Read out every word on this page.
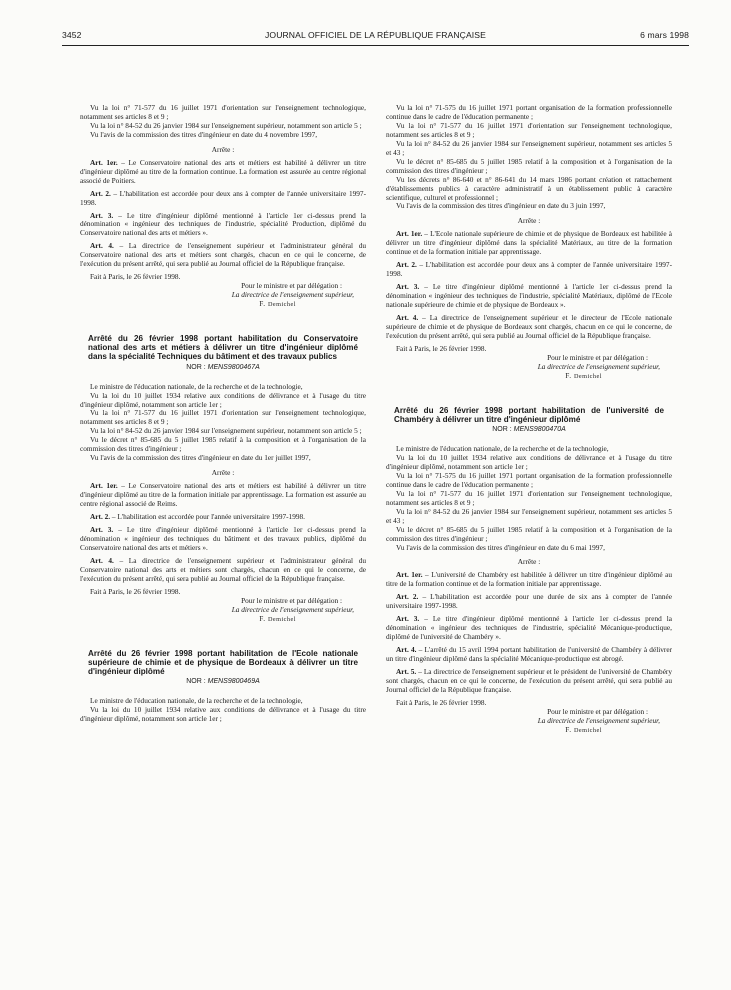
3452	JOURNAL OFFICIEL DE LA RÉPUBLIQUE FRANÇAISE	6 mars 1998

Vu la loi n° 71-577 du 16 juillet 1971 d'orientation sur l'enseignement technologique, notamment ses articles 8 et 9 ;

Vu la loi n° 84-52 du 26 janvier 1984 sur l'enseignement supérieur, notamment son article 5 ;

Vu l'avis de la commission des titres d'ingénieur en date du 4 novembre 1997,

Arrête :

Art. 1er. – Le Conservatoire national des arts et métiers est habilité à délivrer un titre d'ingénieur diplômé au titre de la formation continue. La formation est assurée au centre régional associé de Poitiers.

Art. 2. – L'habilitation est accordée pour deux ans à compter de l'année universitaire 1997-1998.

Art. 3. – Le titre d'ingénieur diplômé mentionné à l'article 1er ci-dessus prend la dénomination « ingénieur des techniques de l'industrie, spécialité Production, diplômé du Conservatoire national des arts et métiers ».

Art. 4. – La directrice de l'enseignement supérieur et l'administrateur général du Conservatoire national des arts et métiers sont chargés, chacun en ce qui le concerne, de l'exécution du présent arrêté, qui sera publié au Journal officiel de la République française.

Fait à Paris, le 26 février 1998.

Pour le ministre et par délégation :

La directrice de l'enseignement supérieur,

F. Demichel

Arrêté du 26 février 1998 portant habilitation du Conservatoire national des arts et métiers à délivrer un titre d'ingénieur diplômé dans la spécialité Techniques du bâtiment et des travaux publics
NOR : MENS9800467A

Le ministre de l'éducation nationale, de la recherche et de la technologie,

Vu la loi du 10 juillet 1934 relative aux conditions de délivrance et à l'usage du titre d'ingénieur diplômé, notamment son article 1er ;

Vu la loi n° 71-577 du 16 juillet 1971 d'orientation sur l'enseignement technologique, notamment ses articles 8 et 9 ;

Vu la loi n° 84-52 du 26 janvier 1984 sur l'enseignement supérieur, notamment son article 5 ;

Vu le décret n° 85-685 du 5 juillet 1985 relatif à la composition et à l'organisation de la commission des titres d'ingénieur ;

Vu l'avis de la commission des titres d'ingénieur en date du 1er juillet 1997,

Arrête :

Art. 1er. – Le Conservatoire national des arts et métiers est habilité à délivrer un titre d'ingénieur diplômé au titre de la formation initiale par apprentissage. La formation est assurée au centre régional associé de Reims.

Art. 2. – L'habilitation est accordée pour l'année universitaire 1997-1998.

Art. 3. – Le titre d'ingénieur diplômé mentionné à l'article 1er ci-dessus prend la dénomination « ingénieur des techniques du bâtiment et des travaux publics, diplômé du Conservatoire national des arts et métiers ».

Art. 4. – La directrice de l'enseignement supérieur et l'administrateur général du Conservatoire national des arts et métiers sont chargés, chacun en ce qui le concerne, de l'exécution du présent arrêté, qui sera publié au Journal officiel de la République française.

Fait à Paris, le 26 février 1998.

Pour le ministre et par délégation :

La directrice de l'enseignement supérieur,

F. Demichel

Arrêté du 26 février 1998 portant habilitation de l'Ecole nationale supérieure de chimie et de physique de Bordeaux à délivrer un titre d'ingénieur diplômé
NOR : MENS9800469A

Le ministre de l'éducation nationale, de la recherche et de la technologie,

Vu la loi du 10 juillet 1934 relative aux conditions de délivrance et à l'usage du titre d'ingénieur diplômé, notamment son article 1er ;

Vu la loi n° 71-575 du 16 juillet 1971 portant organisation de la formation professionnelle continue dans le cadre de l'éducation permanente ;

Vu la loi n° 71-577 du 16 juillet 1971 d'orientation sur l'enseignement technologique, notamment ses articles 8 et 9 ;

Vu la loi n° 84-52 du 26 janvier 1984 sur l'enseignement supérieur, notamment ses articles 5 et 43 ;

Vu le décret n° 85-685 du 5 juillet 1985 relatif à la composition et à l'organisation de la commission des titres d'ingénieur ;

Vu les décrets n° 86-640 et n° 86-641 du 14 mars 1986 portant création et rattachement d'établissements publics à caractère administratif à un établissement public à caractère scientifique, culturel et professionnel ;

Vu l'avis de la commission des titres d'ingénieur en date du 3 juin 1997,

Arrête :

Art. 1er. – L'Ecole nationale supérieure de chimie et de physique de Bordeaux est habilitée à délivrer un titre d'ingénieur diplômé dans la spécialité Matériaux, au titre de la formation continue et de la formation initiale par apprentissage.

Art. 2. – L'habilitation est accordée pour deux ans à compter de l'année universitaire 1997-1998.

Art. 3. – Le titre d'ingénieur diplômé mentionné à l'article 1er ci-dessus prend la dénomination « ingénieur des techniques de l'industrie, spécialité Matériaux, diplômé de l'Ecole nationale supérieure de chimie et de physique de Bordeaux ».

Art. 4. – La directrice de l'enseignement supérieur et le directeur de l'Ecole nationale supérieure de chimie et de physique de Bordeaux sont chargés, chacun en ce qui le concerne, de l'exécution du présent arrêté, qui sera publié au Journal officiel de la République française.

Fait à Paris, le 26 février 1998.

Pour le ministre et par délégation :

La directrice de l'enseignement supérieur,

F. Demichel

Arrêté du 26 février 1998 portant habilitation de l'université de Chambéry à délivrer un titre d'ingénieur diplômé
NOR : MENS9800470A

Le ministre de l'éducation nationale, de la recherche et de la technologie,

Vu la loi du 10 juillet 1934 relative aux conditions de délivrance et à l'usage du titre d'ingénieur diplômé, notamment son article 1er ;

Vu la loi n° 71-575 du 16 juillet 1971 portant organisation de la formation professionnelle continue dans le cadre de l'éducation permanente ;

Vu la loi n° 71-577 du 16 juillet 1971 d'orientation sur l'enseignement technologique, notamment ses articles 8 et 9 ;

Vu la loi n° 84-52 du 26 janvier 1984 sur l'enseignement supérieur, notamment ses articles 5 et 43 ;

Vu le décret n° 85-685 du 5 juillet 1985 relatif à la composition et à l'organisation de la commission des titres d'ingénieur ;

Vu l'avis de la commission des titres d'ingénieur en date du 6 mai 1997,

Arrête :

Art. 1er. – L'université de Chambéry est habilitée à délivrer un titre d'ingénieur diplômé au titre de la formation continue et de la formation initiale par apprentissage.

Art. 2. – L'habilitation est accordée pour une durée de six ans à compter de l'année universitaire 1997-1998.

Art. 3. – Le titre d'ingénieur diplômé mentionné à l'article 1er ci-dessus prend la dénomination « ingénieur des techniques de l'industrie, spécialité Mécanique-productique, diplômé de l'université de Chambéry ».

Art. 4. – L'arrêté du 15 avril 1994 portant habilitation de l'université de Chambéry à délivrer un titre d'ingénieur diplômé dans la spécialité Mécanique-productique est abrogé.

Art. 5. – La directrice de l'enseignement supérieur et le président de l'université de Chambéry sont chargés, chacun en ce qui le concerne, de l'exécution du présent arrêté, qui sera publié au Journal officiel de la République française.

Fait à Paris, le 26 février 1998.

Pour le ministre et par délégation :

La directrice de l'enseignement supérieur,

F. Demichel
